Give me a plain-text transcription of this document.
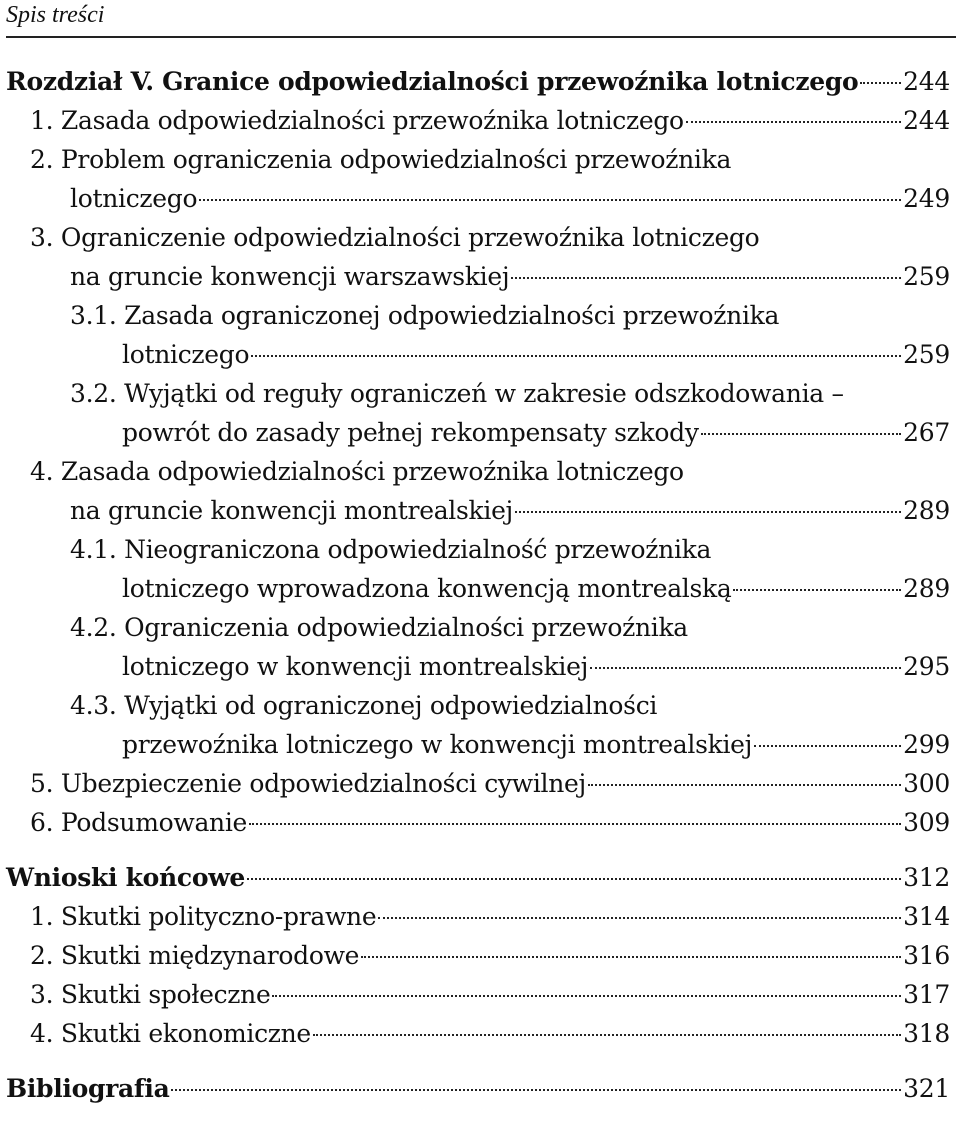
Spis treści
Rozdział V. Granice odpowiedzialności przewoźnika lotniczego 244
1. Zasada odpowiedzialności przewoźnika lotniczego	244
2. Problem ograniczenia odpowiedzialności przewoźnika
lotniczego	249
3. Ograniczenie odpowiedzialności przewoźnika lotniczego
na gruncie konwencji warszawskiej	259
3.1. Zasada ograniczonej odpowiedzialności przewoźnika
lotniczego	259
3.2. Wyjątki od reguły ograniczeń w zakresie odszkodowania –
powrót do zasady pełnej rekompensaty szkody	267
4. Zasada odpowiedzialności przewoźnika lotniczego
na gruncie konwencji montrealskiej	289
4.1. Nieograniczona odpowiedzialność przewoźnika
lotniczego wprowadzona konwencją montrealską	289
4.2. Ograniczenia odpowiedzialności przewoźnika
lotniczego w konwencji montrealskiej	295
4.3. Wyjątki od ograniczonej odpowiedzialności
przewoźnika lotniczego w konwencji montrealskiej	299
5. Ubezpieczenie odpowiedzialności cywilnej	300
6. Podsumowanie	309
Wnioski końcowe	312
1. Skutki polityczno-prawne	314
2. Skutki międzynarodowe	316
3. Skutki społeczne	317
4. Skutki ekonomiczne	318
Bibliografia	321
